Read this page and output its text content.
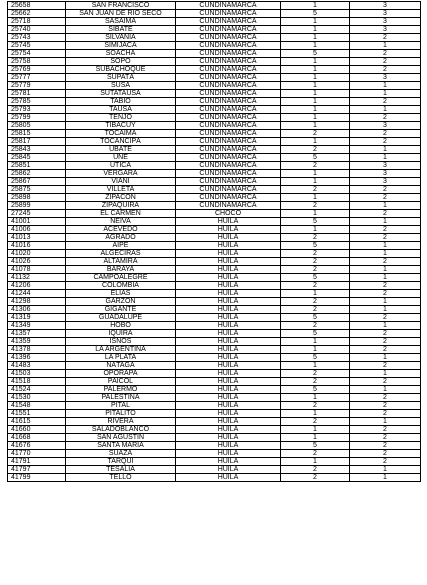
25658	SAN FRANCISCO	CUNDINAMARCA	1	3
25662	SAN JUAN DE RÍO SECO	CUNDINAMARCA	5	3
25718	SASAIMA	CUNDINAMARCA	1	3
25740	SIBATÉ	CUNDINAMARCA	1	3
25743	SILVANIA	CUNDINAMARCA	1	2
25745	SIMIJACA	CUNDINAMARCA	1	1
25754	SOACHA	CUNDINAMARCA	5	2
25758	SOPÓ	CUNDINAMARCA	1	2
25769	SUBACHOQUE	CUNDINAMARCA	1	2
25777	SUPATÁ	CUNDINAMARCA	1	3
25779	SUSA	CUNDINAMARCA	1	1
25781	SUTATAUSA	CUNDINAMARCA	1	1
25785	TABIO	CUNDINAMARCA	1	2
25793	TAUSA	CUNDINAMARCA	1	1
25799	TENJO	CUNDINAMARCA	1	2
25805	TIBACUY	CUNDINAMARCA	1	3
25815	TOCAIMA	CUNDINAMARCA	2	2
25817	TOCANCIPÁ	CUNDINAMARCA	1	2
25843	UBATÉ	CUNDINAMARCA	2	1
25845	UNE	CUNDINAMARCA	5	1
25851	ÚTICA	CUNDINAMARCA	2	3
25862	VERGARA	CUNDINAMARCA	1	3
25867	VIANÍ	CUNDINAMARCA	1	3
25875	VILLETA	CUNDINAMARCA	2	2
25898	ZIPACÓN	CUNDINAMARCA	1	2
25899	ZIPAQUIRÁ	CUNDINAMARCA	2	1
27245	EL CARMEN	CHOCÓ	1	2
41001	NEIVA	HUILA	5	1
41006	ACEVEDO	HUILA	1	2
41013	AGRADO	HUILA	2	2
41016	AIPE	HUILA	5	1
41020	ALGECIRAS	HUILA	2	1
41026	ALTAMIRA	HUILA	2	2
41078	BARAYA	HUILA	2	1
41132	CAMPOALEGRE	HUILA	5	1
41206	COLOMBIA	HUILA	2	2
41244	ELÍAS	HUILA	1	2
41298	GARZÓN	HUILA	2	1
41306	GIGANTE	HUILA	2	1
41319	GUADALUPE	HUILA	5	2
41349	HOBO	HUILA	2	1
41357	ÍQUIRA	HUILA	5	2
41359	ISNOS	HUILA	1	2
41378	LA ARGENTINA	HUILA	1	2
41396	LA PLATA	HUILA	5	1
41483	NÁTAGA	HUILA	1	2
41503	OPORAPA	HUILA	2	1
41518	PAICOL	HUILA	2	2
41524	PALERMO	HUILA	5	1
41530	PALESTINA	HUILA	1	2
41548	PITAL	HUILA	2	2
41551	PITALITO	HUILA	1	2
41615	RIVERA	HUILA	2	1
41660	SALADOBLANCO	HUILA	1	2
41668	SAN AGUSTÍN	HUILA	1	2
41676	SANTA MARÍA	HUILA	5	2
41770	SUAZA	HUILA	2	2
41791	TARQUI	HUILA	1	2
41797	TESALIA	HUILA	2	1
41799	TELLO	HUILA	2	1
